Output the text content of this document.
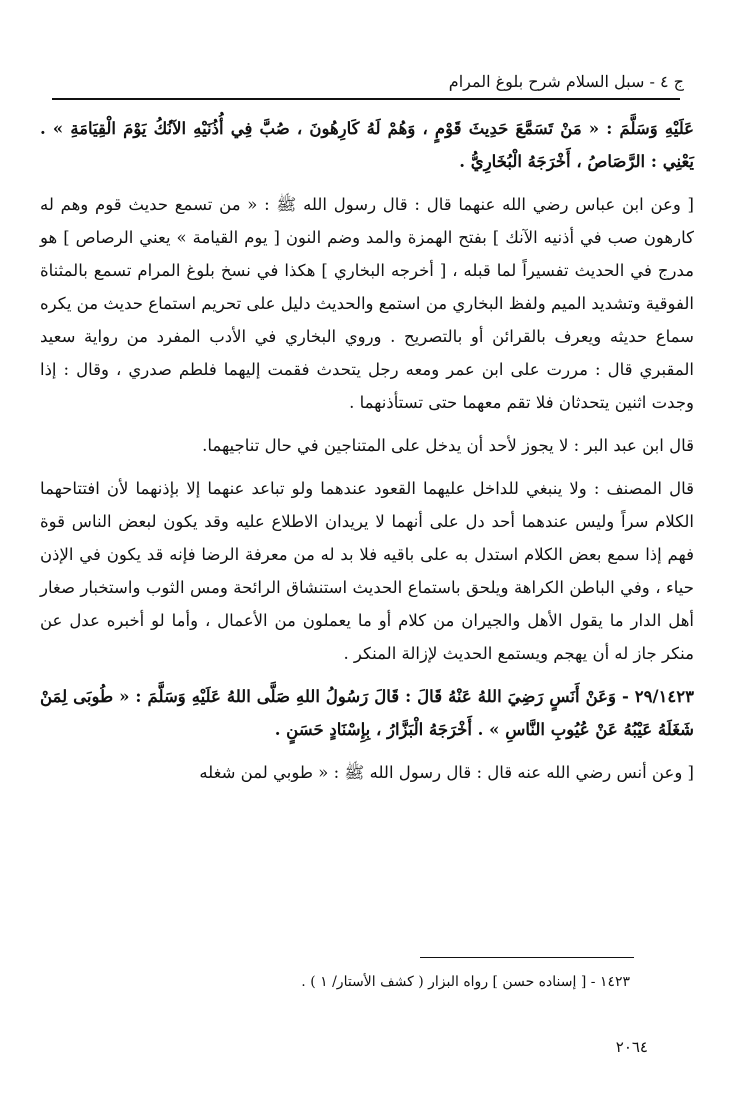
ج ٤ - سبل السلام شرح بلوغ المرام

عَلَيْهِ وَسَلَّمَ : « مَنْ تَسَمَّعَ حَدِيثَ قَوْمٍ ، وَهُمْ لَهُ كَارِهُونَ ، صُبَّ فِي أُذُنَيْهِ الآنُكُ يَوْمَ الْقِيَامَةِ » . يَعْنِي : الرَّصَاصُ ، أَخْرَجَهُ الْبُخَارِيُّ .

[ وعن ابن عباس رضي الله عنهما قال : قال رسول الله ﷺ : « من تسمع حديث قوم وهم له كارهون صب في أذنيه الآنك ] بفتح الهمزة والمد وضم النون [ يوم القيامة » يعني الرصاص ] هو مدرج في الحديث تفسيراً لما قبله ، [ أخرجه البخاري ] هكذا في نسخ بلوغ المرام تسمع بالمثناة الفوقية وتشديد الميم ولفظ البخاري من استمع والحديث دليل على تحريم استماع حديث من يكره سماع حديثه ويعرف بالقرائن أو بالتصريح . وروي البخاري في الأدب المفرد من رواية سعيد المقبري قال : مررت على ابن عمر ومعه رجل يتحدث فقمت إليهما فلطم صدري ، وقال : إذا وجدت اثنين يتحدثان فلا تقم معهما حتى تستأذنهما .

قال ابن عبد البر : لا يجوز لأحد أن يدخل على المتناجين في حال تناجيهما.

قال المصنف : ولا ينبغي للداخل عليهما القعود عندهما ولو تباعد عنهما إلا بإذنهما لأن افتتاحهما الكلام سراً وليس عندهما أحد دل على أنهما لا يريدان الاطلاع عليه وقد يكون لبعض الناس قوة فهم إذا سمع بعض الكلام استدل به على باقيه فلا بد له من معرفة الرضا فإنه قد يكون في الإذن حياء ، وفي الباطن الكراهة ويلحق باستماع الحديث استنشاق الرائحة ومس الثوب واستخبار صغار أهل الدار ما يقول الأهل والجيران من كلام أو ما يعملون من الأعمال ، وأما لو أخبره عدل عن منكر جاز له أن يهجم ويستمع الحديث لإزالة المنكر .

٢٩/١٤٢٣ - وَعَنْ أَنَسٍ رَضِيَ اللهُ عَنْهُ قَالَ : قَالَ رَسُولُ اللهِ صَلَّى اللهُ عَلَيْهِ وَسَلَّمَ : « طُوبَى لِمَنْ شَغَلَهُ عَيْبُهُ عَنْ عُيُوبِ النَّاسِ » . أَخْرَجَهُ الْبَزَّارُ ، بِإِسْنَادٍ حَسَنٍ .

[ وعن أنس رضي الله عنه قال : قال رسول الله ﷺ : « طوبي لمن شغله

١٤٢٣ - [ إسناده حسن ] رواه البزار ( كشف الأستار/ ١ ) .
٢٠٦٤
